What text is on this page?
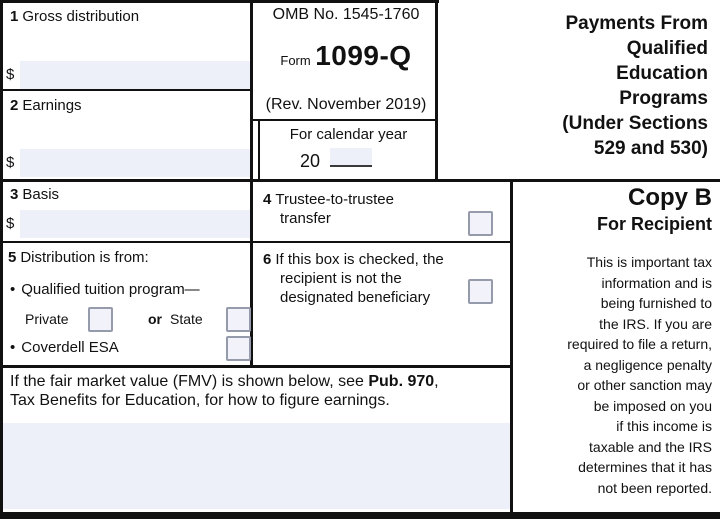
1 Gross distribution
$
2 Earnings
$
OMB No. 1545-1760
Form 1099-Q
(Rev. November 2019)
For calendar year
20
Payments From
Qualified
Education
Programs
(Under Sections
529 and 530)
3 Basis
$
4 Trustee-to-trustee transfer
5 Distribution is from:
• Qualified tuition program—
Private	or State
• Coverdell ESA
6 If this box is checked, the recipient is not the designated beneficiary
If the fair market value (FMV) is shown below, see Pub. 970,
Tax Benefits for Education, for how to figure earnings.
Copy B
For Recipient
This is important tax
information and is
being furnished to
the IRS. If you are
required to file a return,
a negligence penalty
or other sanction may
be imposed on you
if this income is
taxable and the IRS
determines that it has
not been reported.
